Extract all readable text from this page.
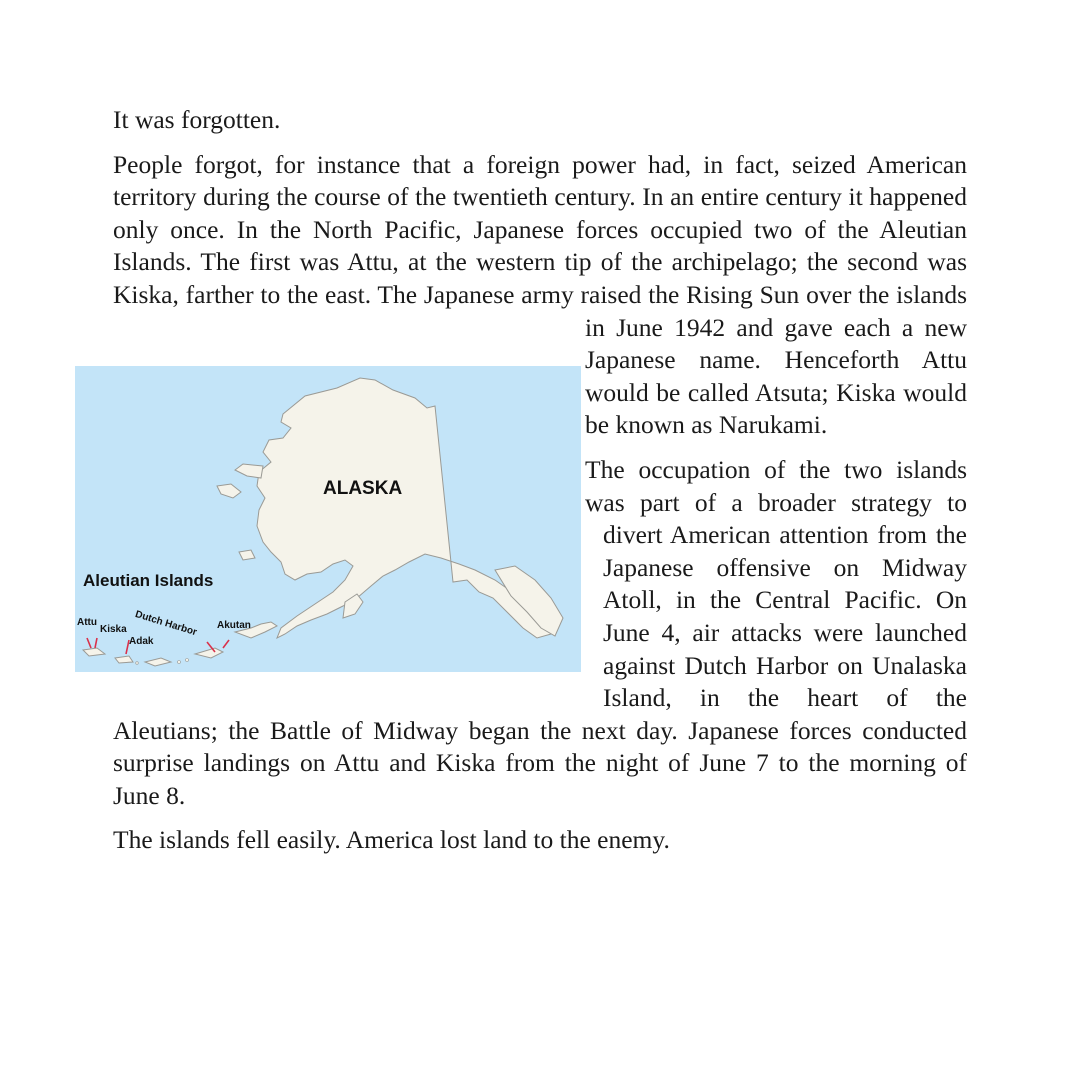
It was forgotten.

People forgot, for instance that a foreign power had, in fact, seized American territory during the course of the twentieth century. In an entire century it happened only once. In the North Pacific, Japanese forces occupied two of the Aleutian Islands. The first was Attu, at the western tip of the archipelago; the second was Kiska, farther to the east. The Japanese army raised the Rising Sun over the islands in June 1942 and gave each a new Japanese name. Henceforth Attu would be called Atsuta; Kiska would be known as Narukami.

The occupation of the two islands was part of a broader strategy to divert American attention from the Japanese offensive on Midway Atoll, in the Central Pacific. On June 4, air attacks were launched against Dutch Harbor on Unalaska Island, in the heart of the Aleutians; the Battle of Midway began the next day. Japanese forces conducted surprise landings on Attu and Kiska from the night of June 7 to the morning of June 8.

The islands fell easily. America lost land to the enemy.

ALASKA
Aleutian Islands
Attu
Kiska
Adak
Dutch Harbor Akutan
